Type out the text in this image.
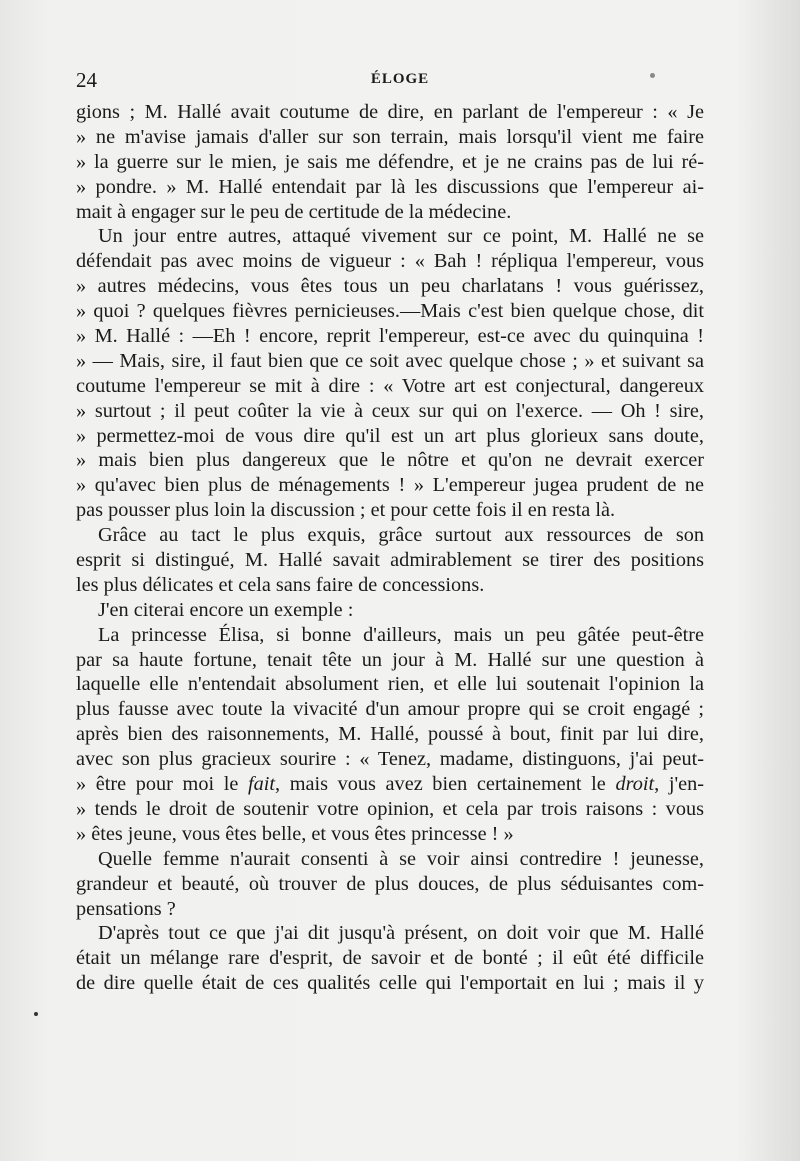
24	ÉLOGE
gions ; M. Hallé avait coutume de dire, en parlant de l'empereur : « Je
» ne m'avise jamais d'aller sur son terrain, mais lorsqu'il vient me faire
» la guerre sur le mien, je sais me défendre, et je ne crains pas de lui ré-
» pondre. » M. Hallé entendait par là les discussions que l'empereur ai-
mait à engager sur le peu de certitude de la médecine.
Un jour entre autres, attaqué vivement sur ce point, M. Hallé ne se
défendait pas avec moins de vigueur : « Bah ! répliqua l'empereur, vous
» autres médecins, vous êtes tous un peu charlatans ! vous guérissez,
» quoi ? quelques fièvres pernicieuses.—Mais c'est bien quelque chose, dit
» M. Hallé : —Eh ! encore, reprit l'empereur, est-ce avec du quinquina !
» — Mais, sire, il faut bien que ce soit avec quelque chose ; » et suivant sa
coutume l'empereur se mit à dire : « Votre art est conjectural, dangereux
» surtout ; il peut coûter la vie à ceux sur qui on l'exerce. — Oh ! sire,
» permettez-moi de vous dire qu'il est un art plus glorieux sans doute,
» mais bien plus dangereux que le nôtre et qu'on ne devrait exercer
» qu'avec bien plus de ménagements ! » L'empereur jugea prudent de ne
pas pousser plus loin la discussion ; et pour cette fois il en resta là.
Grâce au tact le plus exquis, grâce surtout aux ressources de son
esprit si distingué, M. Hallé savait admirablement se tirer des positions
les plus délicates et cela sans faire de concessions.
J'en citerai encore un exemple :
La princesse Élisa, si bonne d'ailleurs, mais un peu gâtée peut-être
par sa haute fortune, tenait tête un jour à M. Hallé sur une question à
laquelle elle n'entendait absolument rien, et elle lui soutenait l'opinion la
plus fausse avec toute la vivacité d'un amour propre qui se croit engagé ;
après bien des raisonnements, M. Hallé, poussé à bout, finit par lui dire,
avec son plus gracieux sourire : « Tenez, madame, distinguons, j'ai peut-
» être pour moi le fait, mais vous avez bien certainement le droit, j'en-
» tends le droit de soutenir votre opinion, et cela par trois raisons : vous
» êtes jeune, vous êtes belle, et vous êtes princesse ! »
Quelle femme n'aurait consenti à se voir ainsi contredire ! jeunesse,
grandeur et beauté, où trouver de plus douces, de plus séduisantes com-
pensations ?
D'après tout ce que j'ai dit jusqu'à présent, on doit voir que M. Hallé
était un mélange rare d'esprit, de savoir et de bonté ; il eût été difficile
de dire quelle était de ces qualités celle qui l'emportait en lui ; mais il y
